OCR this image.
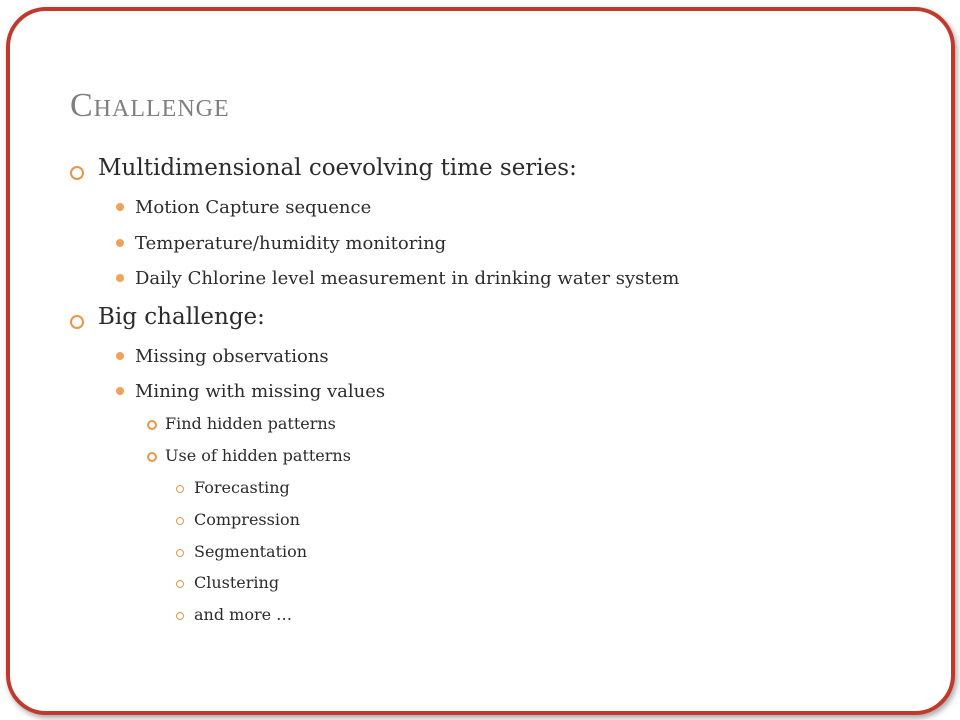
Challenge
Multidimensional coevolving time series:
Motion Capture sequence
Temperature/humidity monitoring
Daily Chlorine level measurement in drinking water system
Big challenge:
Missing observations
Mining with missing values
Find hidden patterns
Use of hidden patterns
Forecasting
Compression
Segmentation
Clustering
and more …
